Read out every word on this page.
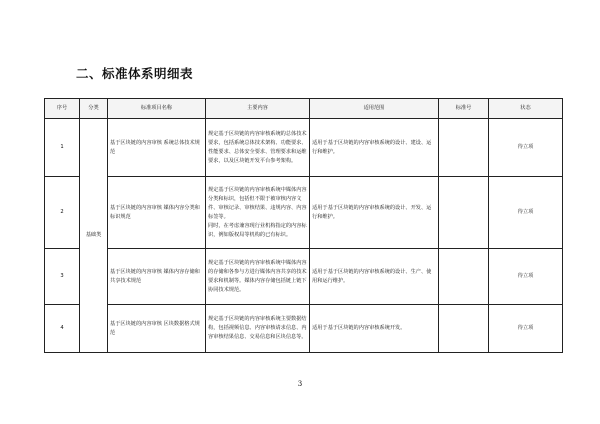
二、标准体系明细表
序号	分类	标准项目名称	主要内容	适用范围	标准号	状态
1	基础类	基于区块链的内容审核 系统总体技术规范	规定基于区块链的内容审核系统的总体技术要求，包括系统总体技术架构、功能要求、性能要求、总体安全要求、管理要求和运维要求，以及区块链开发平台参考架构。	适用于基于区块链的内容审核系统的设计、建设、运行和维护。		待立项
2		基于区块链的内容审核 媒体内容分类和标识规范	规定基于区块链的内容审核系统中媒体内容分类和标识，包括但不限于被审核内容文件、审核记录、审核结果、违规内容、内容标签等。
同时，在考虑兼容现行业机构指定的内容标识，例如版权局等机构的已有标识。	适用于基于区块链的内容审核系统的设计、开发、运行和维护。		待立项
3		基于区块链的内容审核 媒体内容存储和共享技术规范	规定基于区块链的内容审核系统中媒体内容的存储和各参与方进行媒体内容共享的技术要求和机制等。媒体内容存储包括链上链下协同技术规范。	适用于基于区块链的内容审核系统的设计、生产、使用和运行维护。		待立项
4		基于区块链的内容审核 区块数据格式规范	规定基于区块链的内容审核系统主要数据结构，包括视频信息、内容审核请求信息、内容审核结果信息、交易信息和区块信息等。	适用于基于区块链的内容审核系统开发。		待立项
3
